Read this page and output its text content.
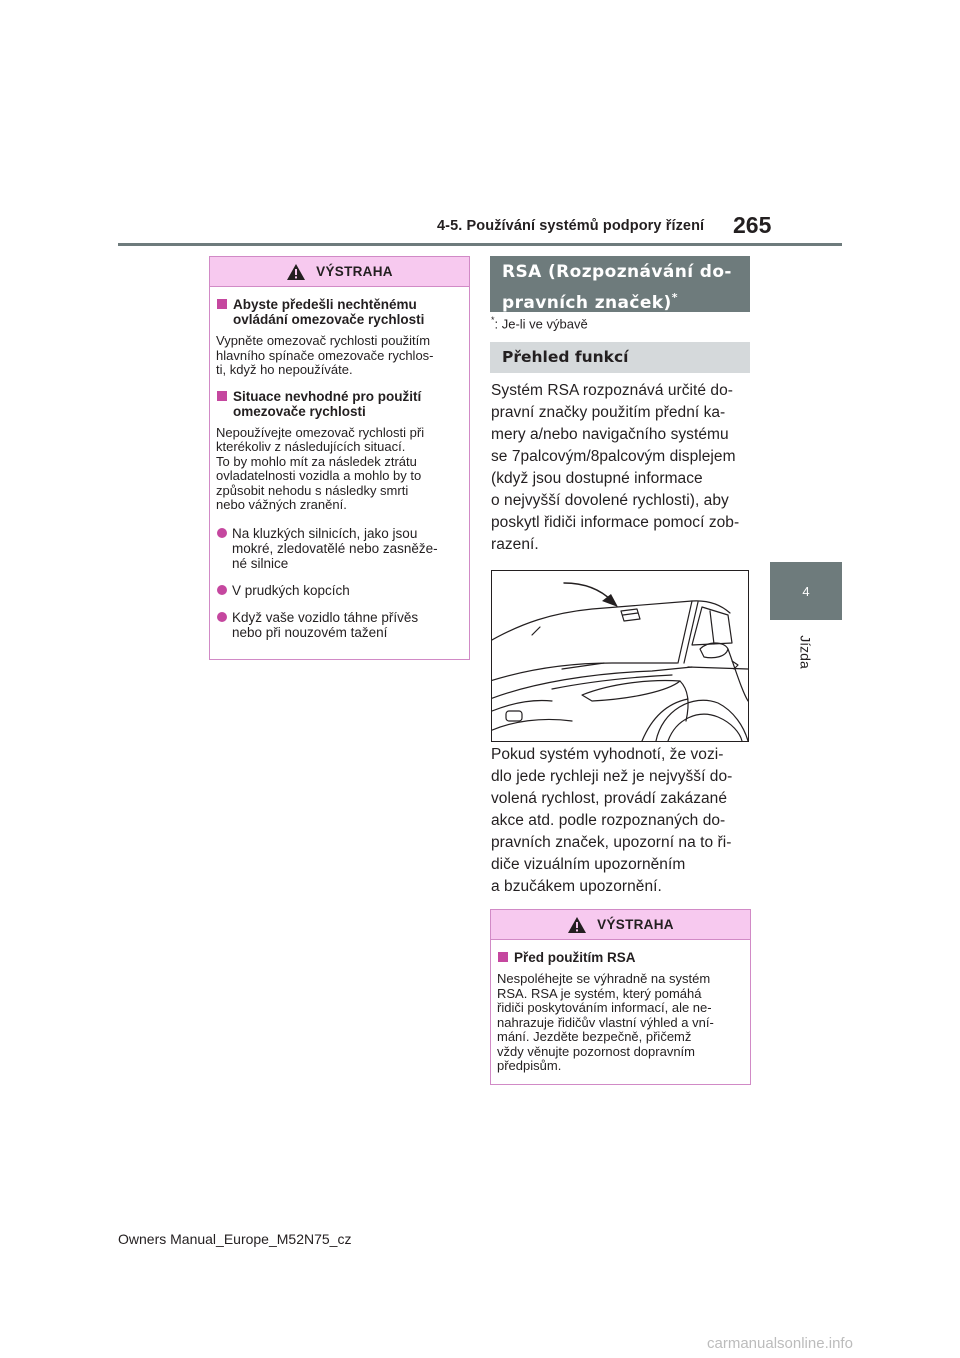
4-5. Používání systémů podpory řízení 265
4
Jízda
VÝSTRAHA
Abyste předešli nechtěnému
ovládání omezovače rychlosti

Vypněte omezovač rychlosti použitím
hlavního spínače omezovače rychlos-
ti, když ho nepoužíváte.

Situace nevhodné pro použití
omezovače rychlosti

Nepoužívejte omezovač rychlosti při
kterékoliv z následujících situací.
To by mohlo mít za následek ztrátu
ovladatelnosti vozidla a mohlo by to
způsobit nehodu s následky smrti
nebo vážných zranění.

Na kluzkých silnicích, jako jsou
mokré, zledovatělé nebo zasněže-
né silnice
V prudkých kopcích
Když vaše vozidlo táhne přívěs
nebo při nouzovém tažení
RSA (Rozpoznávání do-
pravních značek)*
*: Je-li ve výbavě
Přehled funkcí
Systém RSA rozpoznává určité do-
pravní značky použitím přední ka-
mery a/nebo navigačního systému
se 7palcovým/8palcovým displejem
(když jsou dostupné informace
o nejvyšší dovolené rychlosti), aby
poskytl řidiči informace pomocí zob-
razení.
Pokud systém vyhodnotí, že vozi-
dlo jede rychleji než je nejvyšší do-
volená rychlost, provádí zakázané
akce atd. podle rozpoznaných do-
pravních značek, upozorní na to ři-
diče vizuálním upozorněním
a bzučákem upozornění.
VÝSTRAHA
Před použitím RSA

Nespoléhejte se výhradně na systém
RSA. RSA je systém, který pomáhá
řidiči poskytováním informací, ale ne-
nahrazuje řidičův vlastní výhled a vní-
mání. Jezděte bezpečně, přičemž
vždy věnujte pozornost dopravním
předpisům.

Owners Manual_Europe_M52N75_cz
carmanualsonline.info
